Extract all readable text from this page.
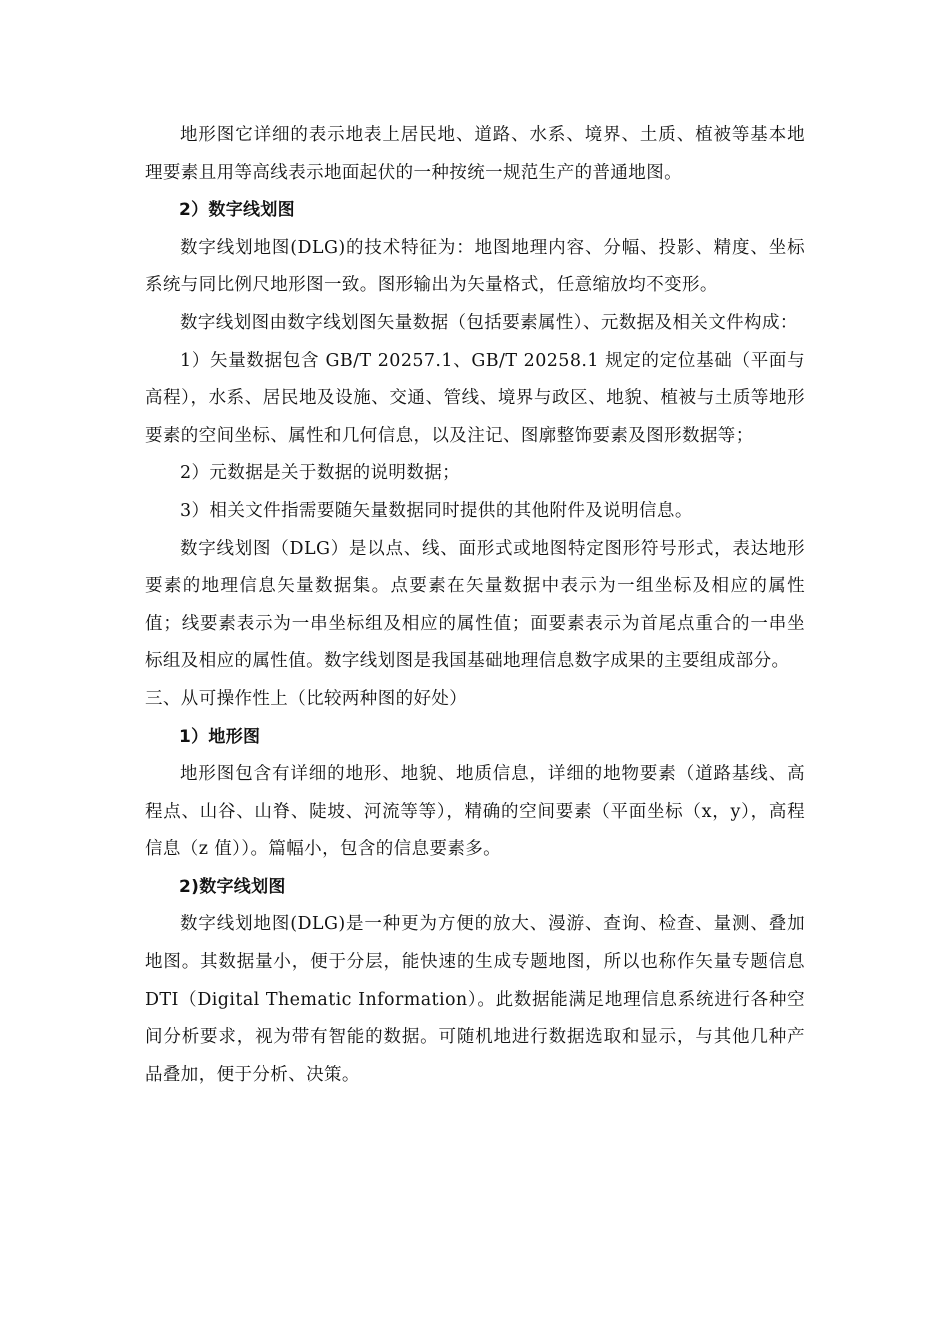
地形图它详细的表示地表上居民地、道路、水系、境界、土质、植被等基本地理要素且用等高线表示地面起伏的一种按统一规范生产的普通地图。

2）数字线划图

数字线划地图(DLG)的技术特征为：地图地理内容、分幅、投影、精度、坐标系统与同比例尺地形图一致。图形输出为矢量格式，任意缩放均不变形。

数字线划图由数字线划图矢量数据（包括要素属性）、元数据及相关文件构成：

1）矢量数据包含 GB/T 20257.1、GB/T 20258.1 规定的定位基础（平面与高程），水系、居民地及设施、交通、管线、境界与政区、地貌、植被与土质等地形要素的空间坐标、属性和几何信息，以及注记、图廓整饰要素及图形数据等；

2）元数据是关于数据的说明数据；

3）相关文件指需要随矢量数据同时提供的其他附件及说明信息。

数字线划图（DLG）是以点、线、面形式或地图特定图形符号形式，表达地形要素的地理信息矢量数据集。点要素在矢量数据中表示为一组坐标及相应的属性值；线要素表示为一串坐标组及相应的属性值；面要素表示为首尾点重合的一串坐标组及相应的属性值。数字线划图是我国基础地理信息数字成果的主要组成部分。

三、从可操作性上（比较两种图的好处）

1）地形图

地形图包含有详细的地形、地貌、地质信息，详细的地物要素（道路基线、高程点、山谷、山脊、陡坡、河流等等），精确的空间要素（平面坐标（x，y），高程信息（z 值））。篇幅小，包含的信息要素多。

2)数字线划图

数字线划地图(DLG)是一种更为方便的放大、漫游、查询、检查、量测、叠加地图。其数据量小，便于分层，能快速的生成专题地图，所以也称作矢量专题信息 DTI（Digital Thematic Information）。此数据能满足地理信息系统进行各种空间分析要求，视为带有智能的数据。可随机地进行数据选取和显示，与其他几种产品叠加，便于分析、决策。
